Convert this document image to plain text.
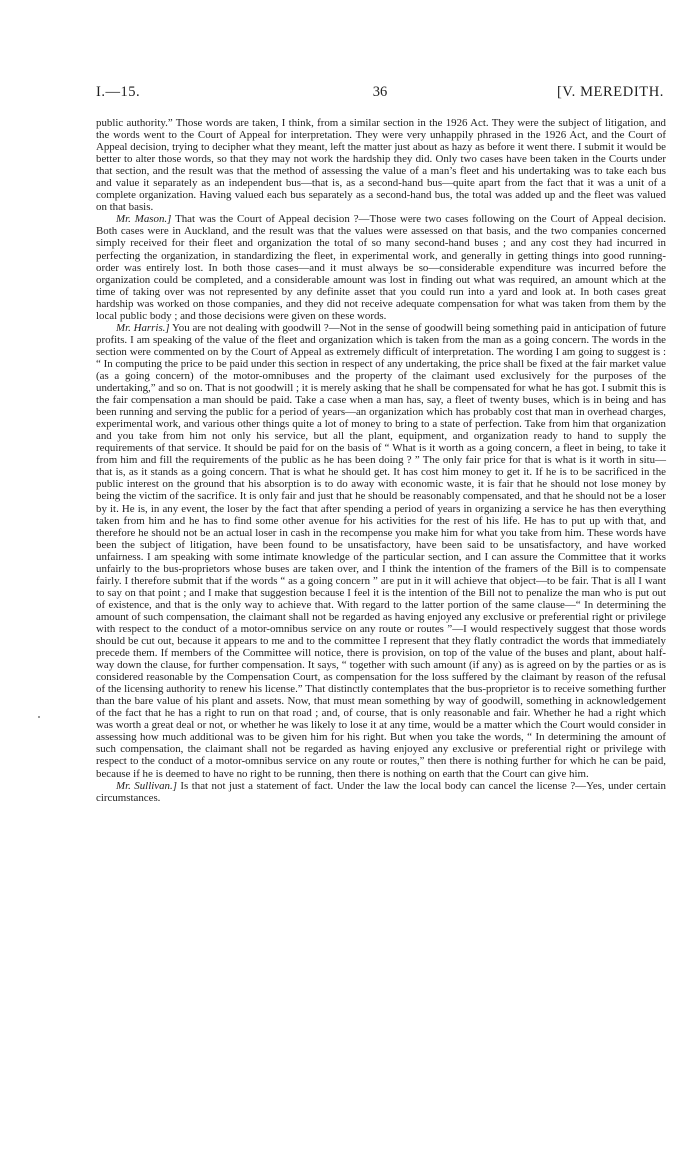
I.—15.	36	[V. MEREDITH.

public authority.” Those words are taken, I think, from a similar section in the 1926 Act. They were the subject of litigation, and the words went to the Court of Appeal for interpretation. They were very unhappily phrased in the 1926 Act, and the Court of Appeal decision, trying to decipher what they meant, left the matter just about as hazy as before it went there. I submit it would be better to alter those words, so that they may not work the hardship they did. Only two cases have been taken in the Courts under that section, and the result was that the method of assessing the value of a man’s fleet and his undertaking was to take each bus and value it separately as an independent bus—that is, as a second-hand bus—quite apart from the fact that it was a unit of a complete organization. Having valued each bus separately as a second-hand bus, the total was added up and the fleet was valued on that basis.

Mr. Mason.] That was the Court of Appeal decision ?—Those were two cases following on the Court of Appeal decision. Both cases were in Auckland, and the result was that the values were assessed on that basis, and the two companies concerned simply received for their fleet and organization the total of so many second-hand buses ; and any cost they had incurred in perfecting the organization, in standardizing the fleet, in experimental work, and generally in getting things into good running-order was entirely lost. In both those cases—and it must always be so—considerable expenditure was incurred before the organization could be completed, and a considerable amount was lost in finding out what was required, an amount which at the time of taking over was not represented by any definite asset that you could run into a yard and look at. In both cases great hardship was worked on those companies, and they did not receive adequate compensation for what was taken from them by the local public body ; and those decisions were given on these words.

Mr. Harris.] You are not dealing with goodwill ?—Not in the sense of goodwill being something paid in anticipation of future profits. I am speaking of the value of the fleet and organization which is taken from the man as a going concern. The words in the section were commented on by the Court of Appeal as extremely difficult of interpretation. The wording I am going to suggest is : “ In computing the price to be paid under this section in respect of any undertaking, the price shall be fixed at the fair market value (as a going concern) of the motor-omnibuses and the property of the claimant used exclusively for the purposes of the undertaking,” and so on. That is not goodwill ; it is merely asking that he shall be compensated for what he has got. I submit this is the fair compensation a man should be paid. Take a case when a man has, say, a fleet of twenty buses, which is in being and has been running and serving the public for a period of years—an organization which has probably cost that man in overhead charges, experimental work, and various other things quite a lot of money to bring to a state of perfection. Take from him that organization and you take from him not only his service, but all the plant, equipment, and organization ready to hand to supply the requirements of that service. It should be paid for on the basis of “ What is it worth as a going concern, a fleet in being, to take it from him and fill the requirements of the public as he has been doing ? ” The only fair price for that is what is it worth in situ—that is, as it stands as a going concern. That is what he should get. It has cost him money to get it. If he is to be sacrificed in the public interest on the ground that his absorption is to do away with economic waste, it is fair that he should not lose money by being the victim of the sacrifice. It is only fair and just that he should be reasonably compensated, and that he should not be a loser by it. He is, in any event, the loser by the fact that after spending a period of years in organizing a service he has then everything taken from him and he has to find some other avenue for his activities for the rest of his life. He has to put up with that, and therefore he should not be an actual loser in cash in the recompense you make him for what you take from him. These words have been the subject of litigation, have been found to be unsatisfactory, have been said to be unsatisfactory, and have worked unfairness. I am speaking with some intimate knowledge of the particular section, and I can assure the Committee that it works unfairly to the bus-proprietors whose buses are taken over, and I think the intention of the framers of the Bill is to compensate fairly. I therefore submit that if the words “ as a going concern ” are put in it will achieve that object—to be fair. That is all I want to say on that point ; and I make that suggestion because I feel it is the intention of the Bill not to penalize the man who is put out of existence, and that is the only way to achieve that. With regard to the latter portion of the same clause—“ In determining the amount of such compensation, the claimant shall not be regarded as having enjoyed any exclusive or preferential right or privilege with respect to the conduct of a motor-omnibus service on any route or routes ”—I would respectively suggest that those words should be cut out, because it appears to me and to the committee I represent that they flatly contradict the words that immediately precede them. If members of the Committee will notice, there is provision, on top of the value of the buses and plant, about half-way down the clause, for further compensation. It says, “ together with such amount (if any) as is agreed on by the parties or as is considered reasonable by the Compensation Court, as compensation for the loss suffered by the claimant by reason of the refusal of the licensing authority to renew his license.” That distinctly contemplates that the bus-proprietor is to receive something further than the bare value of his plant and assets. Now, that must mean something by way of goodwill, something in acknowledgement of the fact that he has a right to run on that road ; and, of course, that is only reasonable and fair. Whether he had a right which was worth a great deal or not, or whether he was likely to lose it at any time, would be a matter which the Court would consider in assessing how much additional was to be given him for his right. But when you take the words, “ In determining the amount of such compensation, the claimant shall not be regarded as having enjoyed any exclusive or preferential right or privilege with respect to the conduct of a motor-omnibus service on any route or routes,” then there is nothing further for which he can be paid, because if he is deemed to have no right to be running, then there is nothing on earth that the Court can give him.

Mr. Sullivan.] Is that not just a statement of fact. Under the law the local body can cancel the license ?—Yes, under certain circumstances.
